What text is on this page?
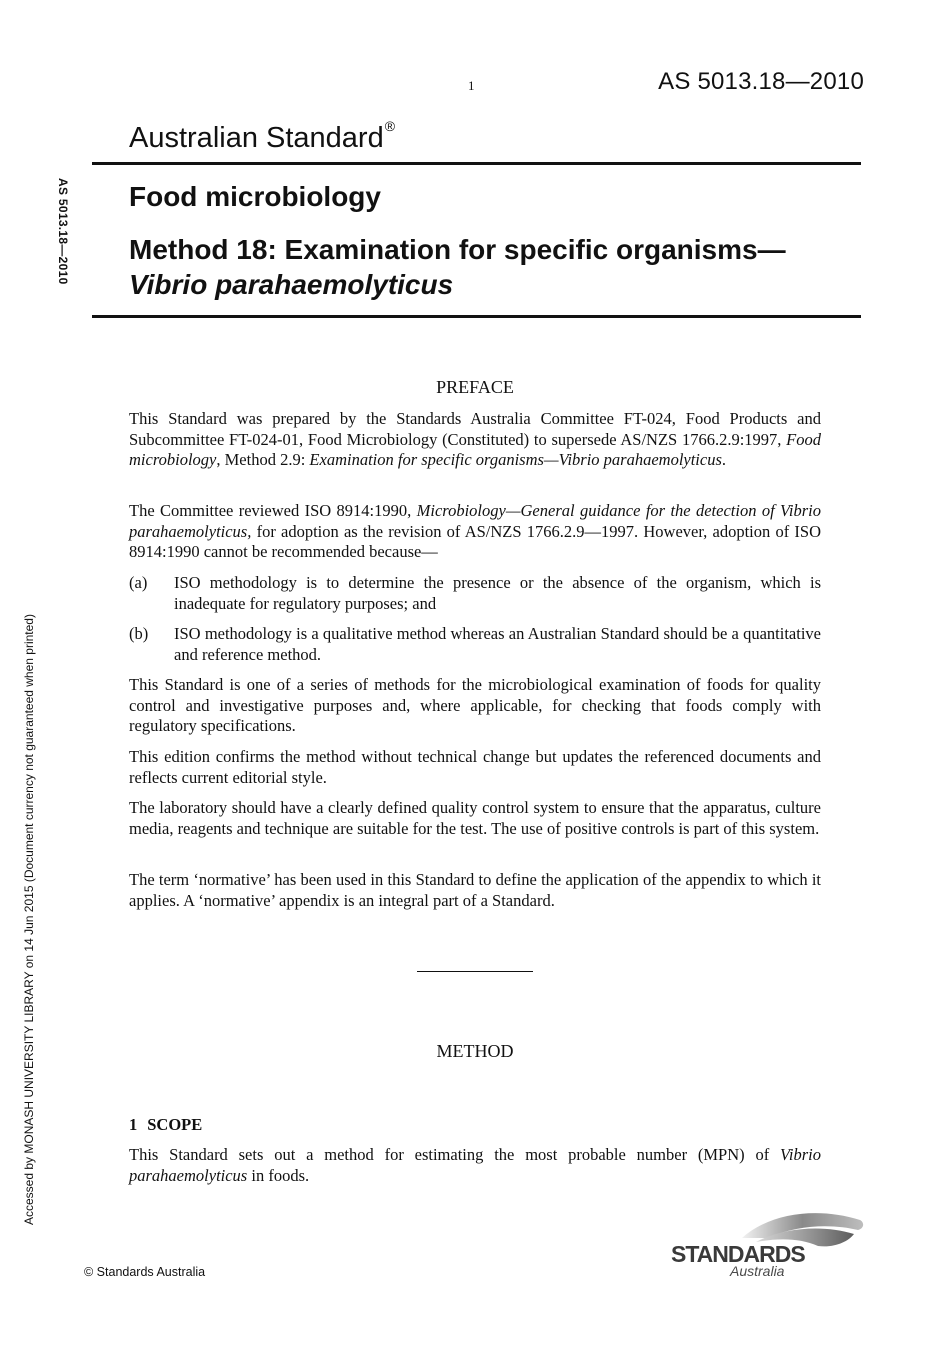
1	AS 5013.18—2010
Australian Standard®
Food microbiology
Method 18: Examination for specific organisms—
Vibrio parahaemolyticus
AS 5013.18—2010
Accessed by MONASH UNIVERSITY LIBRARY on 14 Jun 2015 (Document currency not guaranteed when printed)
PREFACE
This Standard was prepared by the Standards Australia Committee FT-024, Food Products and Subcommittee FT-024-01, Food Microbiology (Constituted) to supersede AS/NZS 1766.2.9:1997, Food microbiology, Method 2.9: Examination for specific organisms—Vibrio parahaemolyticus.
The Committee reviewed ISO 8914:1990, Microbiology—General guidance for the detection of Vibrio parahaemolyticus, for adoption as the revision of AS/NZS 1766.2.9—1997. However, adoption of ISO 8914:1990 cannot be recommended because—
(a) ISO methodology is to determine the presence or the absence of the organism, which is inadequate for regulatory purposes; and
(b) ISO methodology is a qualitative method whereas an Australian Standard should be a quantitative and reference method.
This Standard is one of a series of methods for the microbiological examination of foods for quality control and investigative purposes and, where applicable, for checking that foods comply with regulatory specifications.
This edition confirms the method without technical change but updates the referenced documents and reflects current editorial style.
The laboratory should have a clearly defined quality control system to ensure that the apparatus, culture media, reagents and technique are suitable for the test. The use of positive controls is part of this system.
The term ‘normative’ has been used in this Standard to define the application of the appendix to which it applies. A ‘normative’ appendix is an integral part of a Standard.
METHOD
1 SCOPE
This Standard sets out a method for estimating the most probable number (MPN) of Vibrio parahaemolyticus in foods.
© Standards Australia
STANDARDS
Australia
